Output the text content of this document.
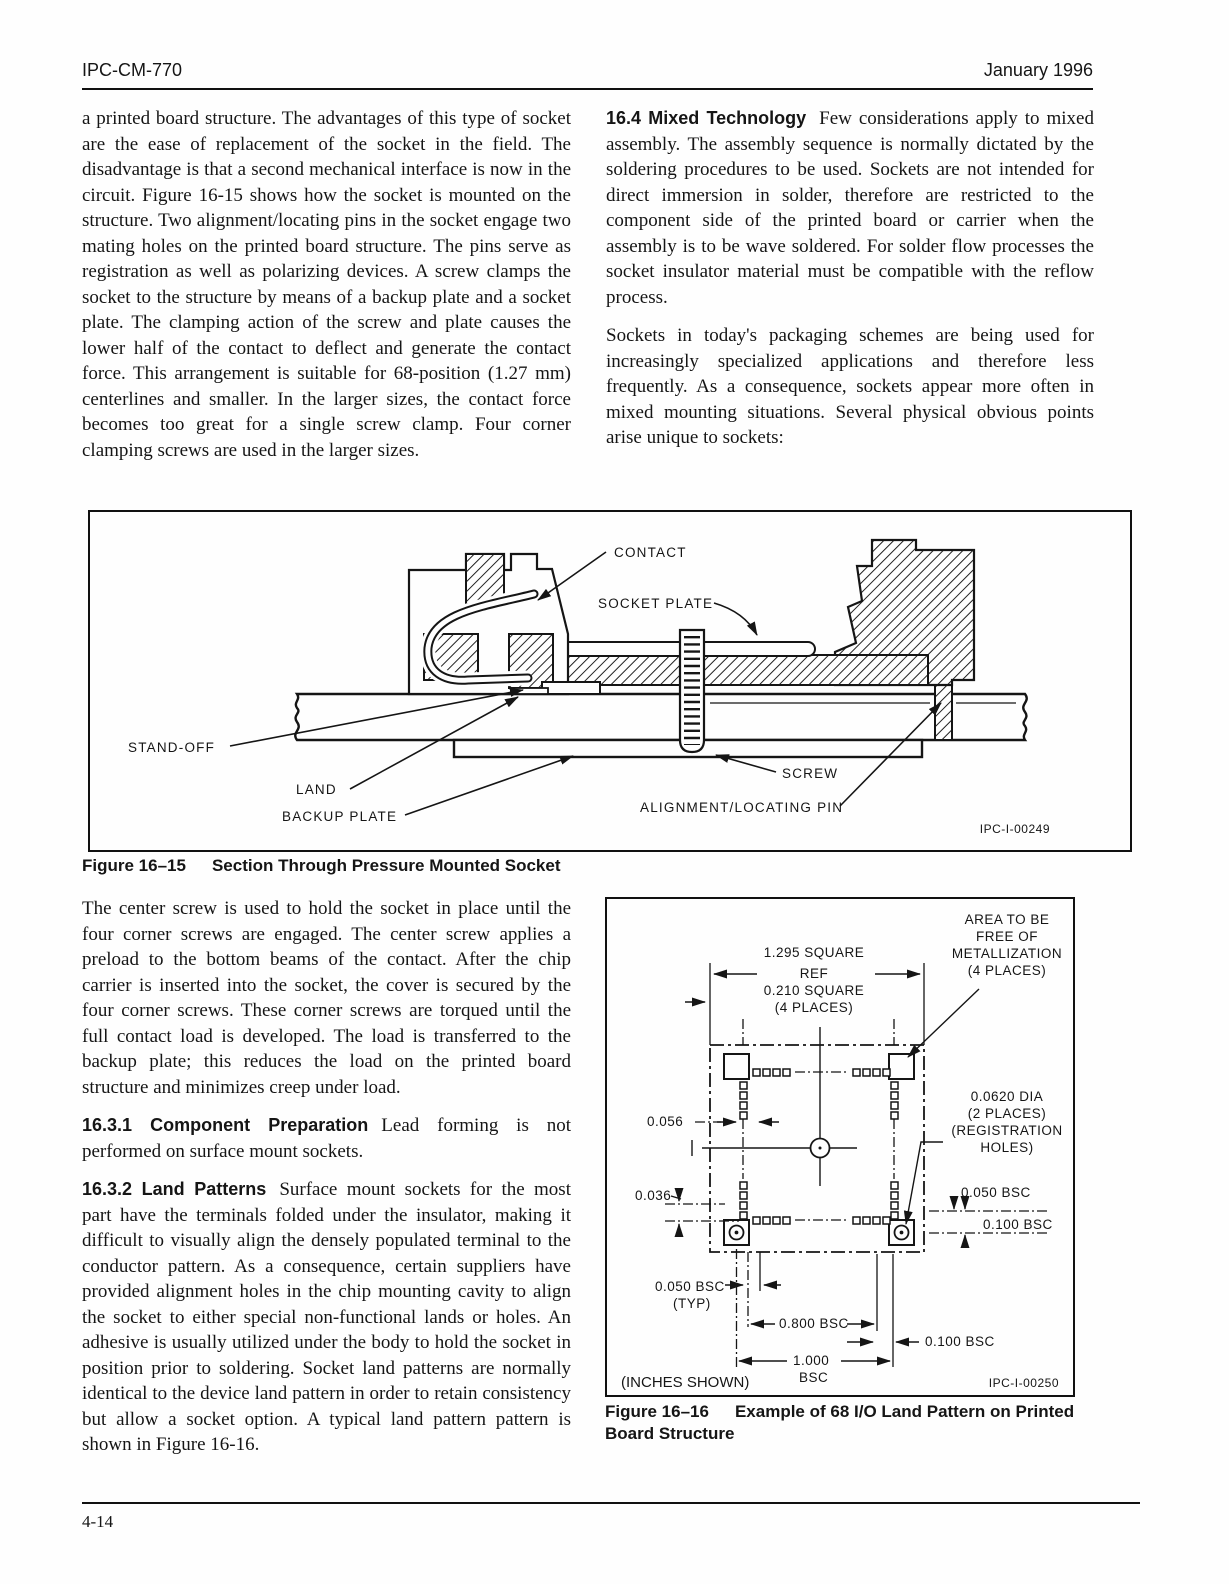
IPC-CM-770	January 1996

a printed board structure. The advantages of this type of socket are the ease of replacement of the socket in the field. The disadvantage is that a second mechanical interface is now in the circuit. Figure 16-15 shows how the socket is mounted on the structure. Two alignment/locating pins in the socket engage two mating holes on the printed board structure. The pins serve as registration as well as polarizing devices. A screw clamps the socket to the structure by means of a backup plate and a socket plate. The clamping action of the screw and plate causes the lower half of the contact to deflect and generate the contact force. This arrangement is suitable for 68-position (1.27 mm) centerlines and smaller. In the larger sizes, the contact force becomes too great for a single screw clamp. Four corner clamping screws are used in the larger sizes.

16.4 Mixed Technology Few considerations apply to mixed assembly. The assembly sequence is normally dictated by the soldering procedures to be used. Sockets are not intended for direct immersion in solder, therefore are restricted to the component side of the printed board or carrier when the assembly is to be wave soldered. For solder flow processes the socket insulator material must be compatible with the reflow process.

Sockets in today's packaging schemes are being used for increasingly specialized applications and therefore less frequently. As a consequence, sockets appear more often in mixed mounting situations. Several physical obvious points arise unique to sockets:

CONTACT
SOCKET PLATE
STAND-OFF
LAND
BACKUP PLATE
SCREW
ALIGNMENT/LOCATING PIN
IPC-I-00249
Figure 16–15 Section Through Pressure Mounted Socket

The center screw is used to hold the socket in place until the four corner screws are engaged. The center screw applies a preload to the bottom beams of the contact. After the chip carrier is inserted into the socket, the cover is secured by the four corner screws. These corner screws are torqued until the full contact load is developed. The load is transferred to the backup plate; this reduces the load on the printed board structure and minimizes creep under load.

16.3.1 Component Preparation Lead forming is not performed on surface mount sockets.

16.3.2 Land Patterns Surface mount sockets for the most part have the terminals folded under the insulator, making it difficult to visually align the densely populated terminal to the conductor pattern. As a consequence, certain suppliers have provided alignment holes in the chip mounting cavity to align the socket to either special non-functional lands or holes. An adhesive is usually utilized under the body to hold the socket in position prior to soldering. Socket land patterns are normally identical to the device land pattern in order to retain consistency but allow a socket option. A typical land pattern pattern is shown in Figure 16-16.

AREA TO BE
FREE OF
METALLIZATION
(4 PLACES)
1.295 SQUARE
REF
0.210 SQUARE
(4 PLACES)
0.056
0.0620 DIA
(2 PLACES)
(REGISTRATION
HOLES)
0.036	0.050 BSC
0.100 BSC
0.050 BSC
(TYP)
0.800 BSC
0.100 BSC
1.000
BSC
(INCHES SHOWN)	IPC-I-00250
Figure 16–16 Example of 68 I/O Land Pattern on Printed Board Structure
4-14
